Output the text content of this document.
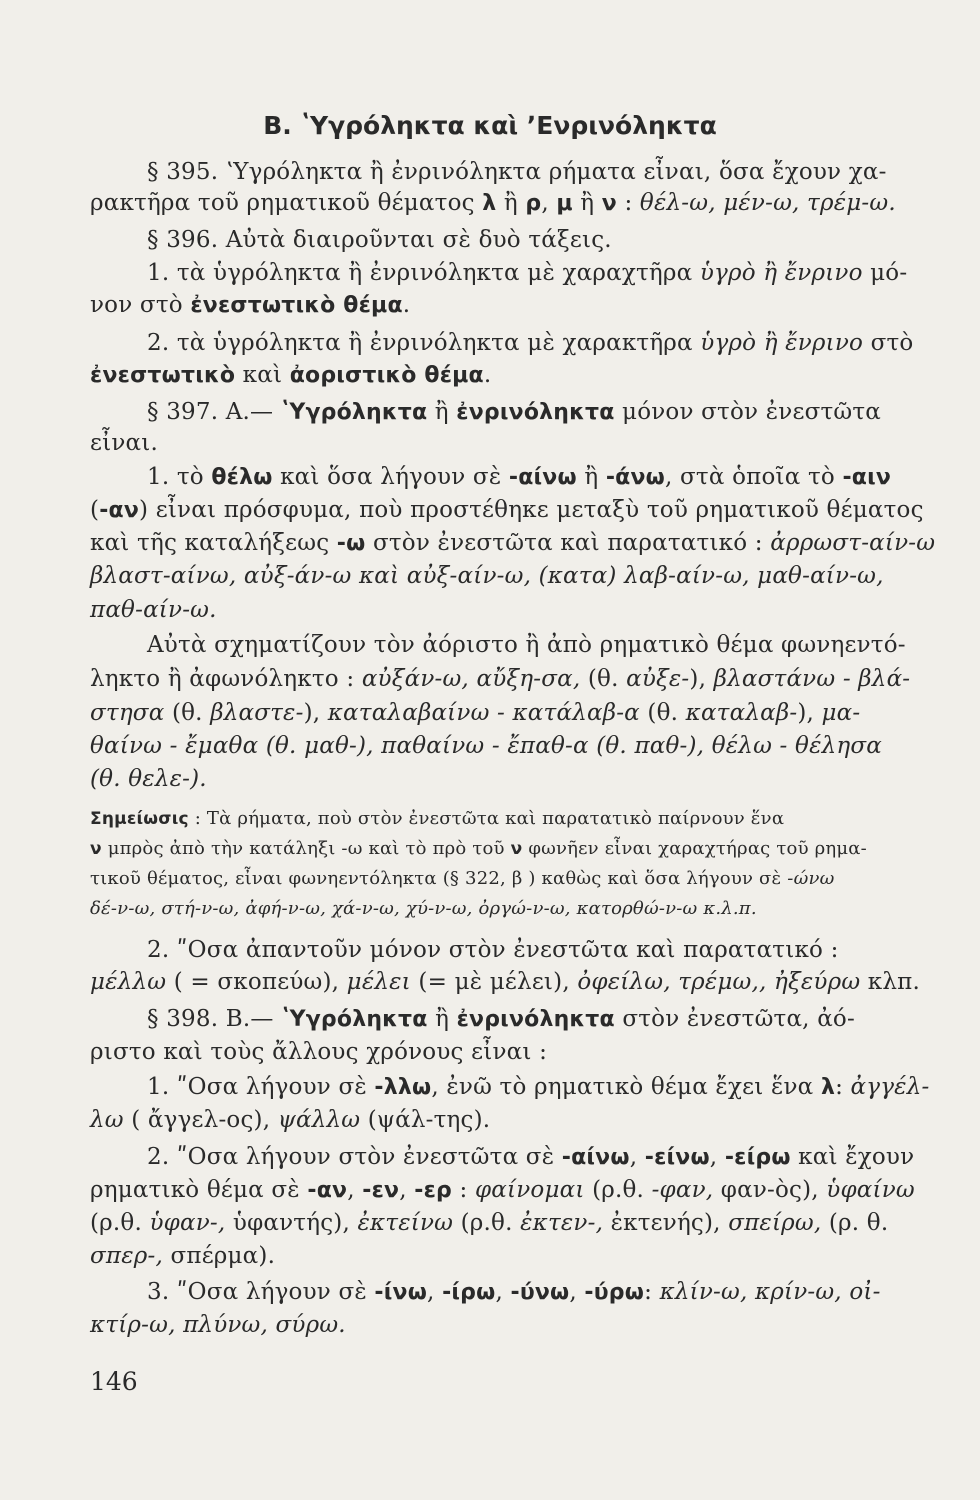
B. ʽΥγρόληκτα καὶ ʼΕνρινόληκτα
§ 395. ʽΥγρόληκτα ἢ ἐνρινόληκτα ρήματα εἶναι, ὅσα ἔχουν χα-
ρακτῆρα τοῦ ρηματικοῦ θέματος λ ἢ ρ, μ ἢ ν : θέλ-ω, μέν-ω, τρέμ-ω.
§ 396. Αὐτὰ διαιροῦνται σὲ δυὸ τάξεις.
1. τὰ ὑγρόληκτα ἢ ἐνρινόληκτα μὲ χαραχτῆρα ὑγρὸ ἢ ἔνρινο μό-
νον στὸ ἐνεστωτικὸ θέμα.
2. τὰ ὑγρόληκτα ἢ ἐνρινόληκτα μὲ χαρακτῆρα ὑγρὸ ἢ ἔνρινο στὸ
ἐνεστωτικὸ καὶ ἀοριστικὸ θέμα.
§ 397. Α.— ʽΥγρόληκτα ἢ ἐνρινόληκτα μόνον στὸν ἐνεστῶτα
εἶναι.
1. τὸ θέλω καὶ ὅσα λήγουν σὲ -αίνω ἢ -άνω, στὰ ὁποῖα τὸ -αιν
(-αν) εἶναι πρόσφυμα, ποὺ προστέθηκε μεταξὺ τοῦ ρηματικοῦ θέματος
καὶ τῆς καταλήξεως -ω στὸν ἐνεστῶτα καὶ παρατατικό : ἀρρωστ-αίν-ω
βλαστ-αίνω, αὐξ-άν-ω καὶ αὐξ-αίν-ω, (κατα) λαβ-αίν-ω, μαθ-αίν-ω,
παθ-αίν-ω.
Αὐτὰ σχηματίζουν τὸν ἀόριστο ἢ ἀπὸ ρηματικὸ θέμα φωνηεντό-
ληκτο ἢ ἀφωνόληκτο : αὐξάν-ω, αὔξη-σα, (θ. αὐξε-), βλαστάνω - βλά-
στησα (θ. βλαστε-), καταλαβαίνω - κατάλαβ-α (θ. καταλαβ-), μα-
θαίνω - ἔμαθα (θ. μαθ-), παθαίνω - ἔπαθ-α (θ. παθ-), θέλω - θέλησα
(θ. θελε-).
Σημείωσις : Τὰ ρήματα, ποὺ στὸν ἐνεστῶτα καὶ παρατατικὸ παίρνουν ἕνα
ν μπρὸς ἀπὸ τὴν κατάληξι -ω καὶ τὸ πρὸ τοῦ ν φωνῆεν εἶναι χαραχτήρας τοῦ ρημα-
τικοῦ θέματος, εἶναι φωνηεντόληκτα (§ 322, β ) καθὼς καὶ ὅσα λήγουν σὲ -ώνω
δέ-ν-ω, στή-ν-ω, ἀφή-ν-ω, χά-ν-ω, χύ-ν-ω, ὀργώ-ν-ω, κατορθώ-ν-ω κ.λ.π.
2. ʺΟσα ἀπαντοῦν μόνον στὸν ἐνεστῶτα καὶ παρατατικό :
μέλλω ( = σκοπεύω), μέλει (= μὲ μέλει), ὀφείλω, τρέμω,, ἠξεύρω κλπ.
§ 398. Β.— ʽΥγρόληκτα ἢ ἐνρινόληκτα στὸν ἐνεστῶτα, ἀό-
ριστο καὶ τοὺς ἄλλους χρόνους εἶναι :
1. ʺΟσα λήγουν σὲ -λλω, ἐνῶ τὸ ρηματικὸ θέμα ἔχει ἕνα λ: ἀγγέλ-
λω ( ἄγγελ-ος), ψάλλω (ψάλ-της).
2. ʺΟσα λήγουν στὸν ἐνεστῶτα σὲ -αίνω, -είνω, -είρω καὶ ἔχουν
ρηματικὸ θέμα σὲ -αν, -εν, -ερ : φαίνομαι (ρ.θ. -φαν, φαν-ὸς), ὑφαίνω
(ρ.θ. ὑφαν-, ὑφαντής), ἐκτείνω (ρ.θ. ἐκτεν-, ἐκτενής), σπείρω, (ρ. θ.
σπερ-, σπέρμα).
3. ʺΟσα λήγουν σὲ -ίνω, -ίρω, -ύνω, -ύρω: κλίν-ω, κρίν-ω, οἰ-
κτίρ-ω, πλύνω, σύρω.
146
